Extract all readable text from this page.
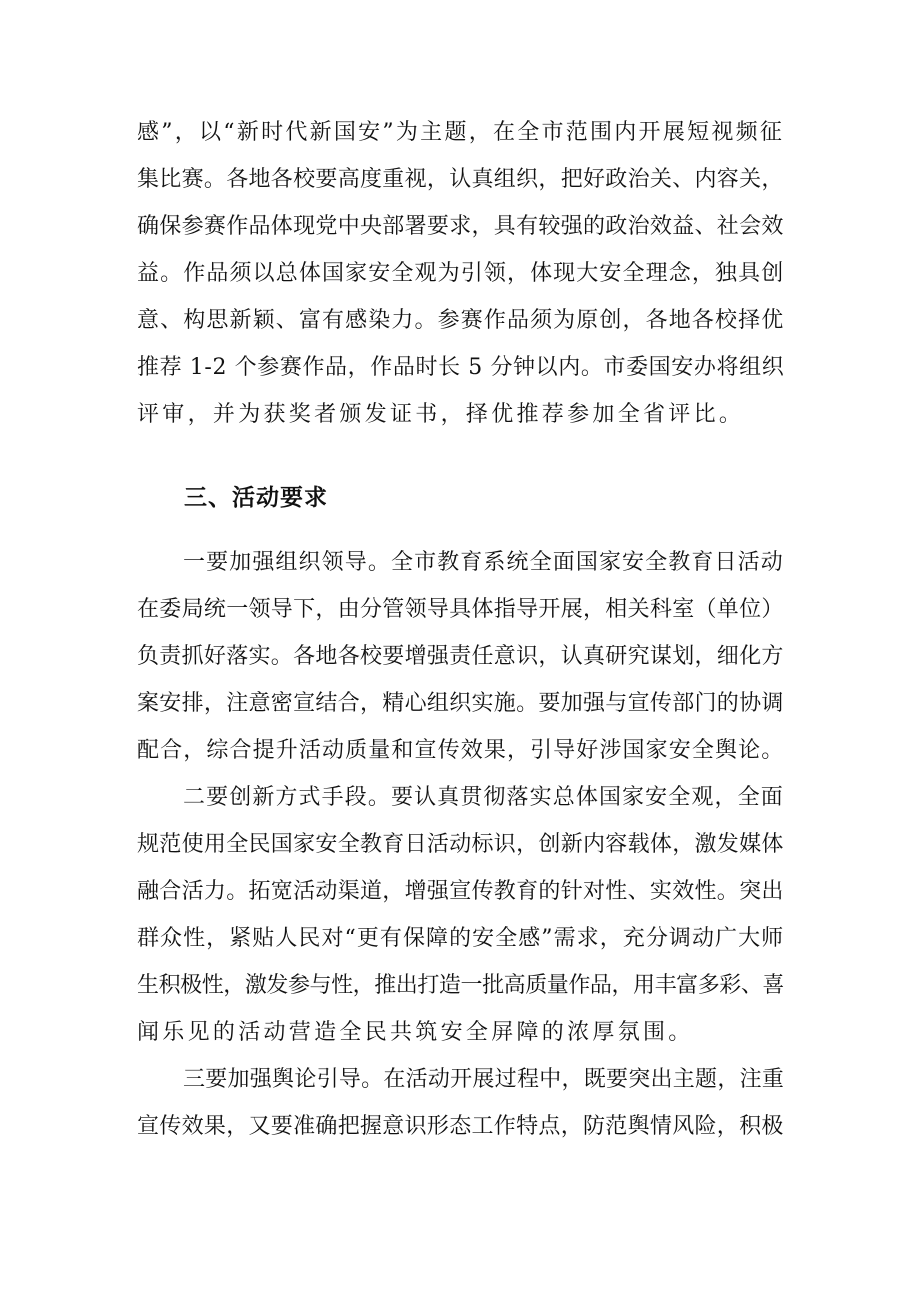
感”，以“新时代新国安”为主题，在全市范围内开展短视频征
集比赛。各地各校要高度重视，认真组织，把好政治关、内容关，
确保参赛作品体现党中央部署要求，具有较强的政治效益、社会效
益。作品须以总体国家安全观为引领，体现大安全理念，独具创
意、构思新颖、富有感染力。参赛作品须为原创，各地各校择优
推荐 1-2 个参赛作品，作品时长 5 分钟以内。市委国安办将组织
评审，并为获奖者颁发证书，择优推荐参加全省评比。
三、活动要求
一要加强组织领导。全市教育系统全面国家安全教育日活动
在委局统一领导下，由分管领导具体指导开展，相关科室（单位）
负责抓好落实。各地各校要增强责任意识，认真研究谋划，细化方
案安排，注意密宣结合，精心组织实施。要加强与宣传部门的协调
配合，综合提升活动质量和宣传效果，引导好涉国家安全舆论。
二要创新方式手段。要认真贯彻落实总体国家安全观，全面
规范使用全民国家安全教育日活动标识，创新内容载体，激发媒体
融合活力。拓宽活动渠道，增强宣传教育的针对性、实效性。突出
群众性，紧贴人民对“更有保障的安全感”需求，充分调动广大师
生积极性，激发参与性，推出打造一批高质量作品，用丰富多彩、喜
闻乐见的活动营造全民共筑安全屏障的浓厚氛围。
三要加强舆论引导。在活动开展过程中，既要突出主题，注重
宣传效果，又要准确把握意识形态工作特点，防范舆情风险，积极
